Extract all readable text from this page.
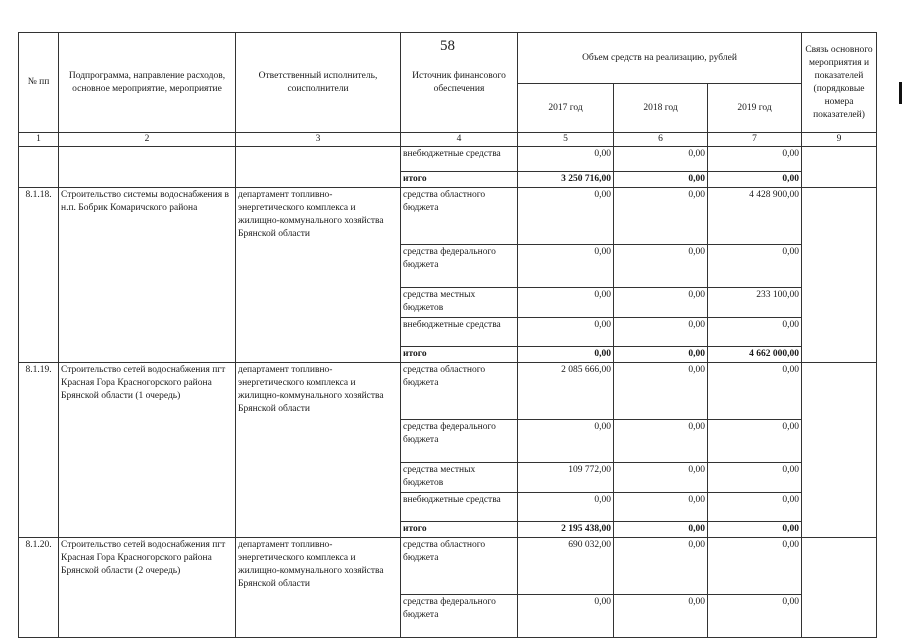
58
№ пп	Подпрограмма, направление расходов, основное мероприятие, мероприятие	Ответственный исполнитель, соисполнители	Источник финансового обеспечения	Объем средств на реализацию, рублей			Связь основного мероприятия и показателей (порядковые номера показателей)
				2017 год	2018 год	2019 год	
1	2	3	4	5	6	7	9
			внебюджетные средства	0,00	0,00	0,00	
			итого	3 250 716,00	0,00	0,00	
8.1.18.	Строительство системы водоснабжения в н.п. Бобрик Комаричского района	департамент топливно-энергетического комплекса и жилищно-коммунального хозяйства Брянской области	средства областного бюджета	0,00	0,00	4 428 900,00	
			средства федерального бюджета	0,00	0,00	0,00	
			средства местных бюджетов	0,00	0,00	233 100,00	
			внебюджетные средства	0,00	0,00	0,00	
			итого	0,00	0,00	4 662 000,00	
8.1.19.	Строительство сетей водоснабжения пгт Красная Гора Красногорского района Брянской области (1 очередь)	департамент топливно-энергетического комплекса и жилищно-коммунального хозяйства Брянской области	средства областного бюджета	2 085 666,00	0,00	0,00	
			средства федерального бюджета	0,00	0,00	0,00	
			средства местных бюджетов	109 772,00	0,00	0,00	
			внебюджетные средства	0,00	0,00	0,00	
			итого	2 195 438,00	0,00	0,00	
8.1.20.	Строительство сетей водоснабжения пгт Красная Гора Красногорского района Брянской области (2 очередь)	департамент топливно-энергетического комплекса и жилищно-коммунального хозяйства Брянской области	средства областного бюджета	690 032,00	0,00	0,00	
			средства федерального бюджета	0,00	0,00	0,00	
